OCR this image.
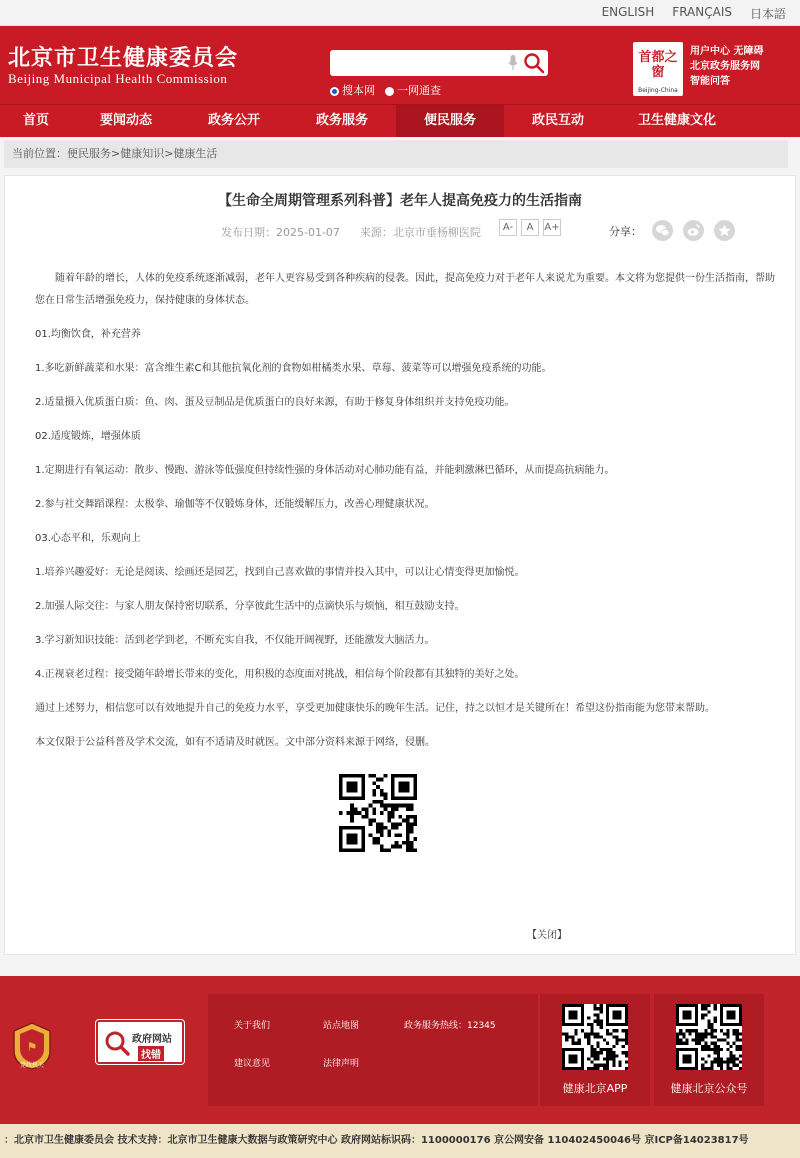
ENGLISH FRANÇAIS 日本語
北京市卫生健康委员会
Beijing Municipal Health Commission
搜本网	一网通查
首都之窗
Beijing-China
用户中心 无障碍
北京政务服务网
智能问答
首页	要闻动态	政务公开	政务服务	便民服务	政民互动	卫生健康文化
当前位置：便民服务>健康知识>健康生活
【生命全周期管理系列科普】老年人提高免疫力的生活指南
发布日期：2025-01-07 来源：北京市垂杨柳医院	A-	A	A+	分享：

随着年龄的增长，人体的免疫系统逐渐减弱，老年人更容易受到各种疾病的侵袭。因此，提高免疫力对于老年人来说尤为重要。本文将为您提供一份生活指南，帮助您在日常生活增强免疫力，保持健康的身体状态。

01.均衡饮食，补充营养

1.多吃新鲜蔬菜和水果：富含维生素C和其他抗氧化剂的食物如柑橘类水果、草莓、菠菜等可以增强免疫系统的功能。

2.适量摄入优质蛋白质：鱼、肉、蛋及豆制品是优质蛋白的良好来源，有助于修复身体组织并支持免疫功能。

02.适度锻炼，增强体质

1.定期进行有氧运动：散步、慢跑、游泳等低强度但持续性强的身体活动对心肺功能有益，并能刺激淋巴循环，从而提高抗病能力。

2.参与社交舞蹈课程：太极拳、瑜伽等不仅锻炼身体，还能缓解压力，改善心理健康状况。

03.心态平和，乐观向上

1.培养兴趣爱好：无论是阅读、绘画还是园艺，找到自己喜欢做的事情并投入其中，可以让心情变得更加愉悦。

2.加强人际交往：与家人朋友保持密切联系，分享彼此生活中的点滴快乐与烦恼，相互鼓励支持。

3.学习新知识技能：活到老学到老，不断充实自我，不仅能开阔视野，还能激发大脑活力。

4.正视衰老过程：接受随年龄增长带来的变化，用积极的态度面对挑战，相信每个阶段都有其独特的美好之处。

通过上述努力，相信您可以有效地提升自己的免疫力水平，享受更加健康快乐的晚年生活。记住，持之以恒才是关键所在！希望这份指南能为您带来帮助。

本文仅限于公益科普及学术交流，如有不适请及时就医。文中部分资料来源于网络，侵删。

【关闭】
⚑
党政机关
政府网站
找错
关于我们	站点地图	政务服务热线：12345
建议意见	法律声明
健康北京APP	健康北京公众号
：北京市卫生健康委员会 技术支持：北京市卫生健康大数据与政策研究中心 政府网站标识码：1100000176 京公网安备 110402450046号 京ICP备14023817号
